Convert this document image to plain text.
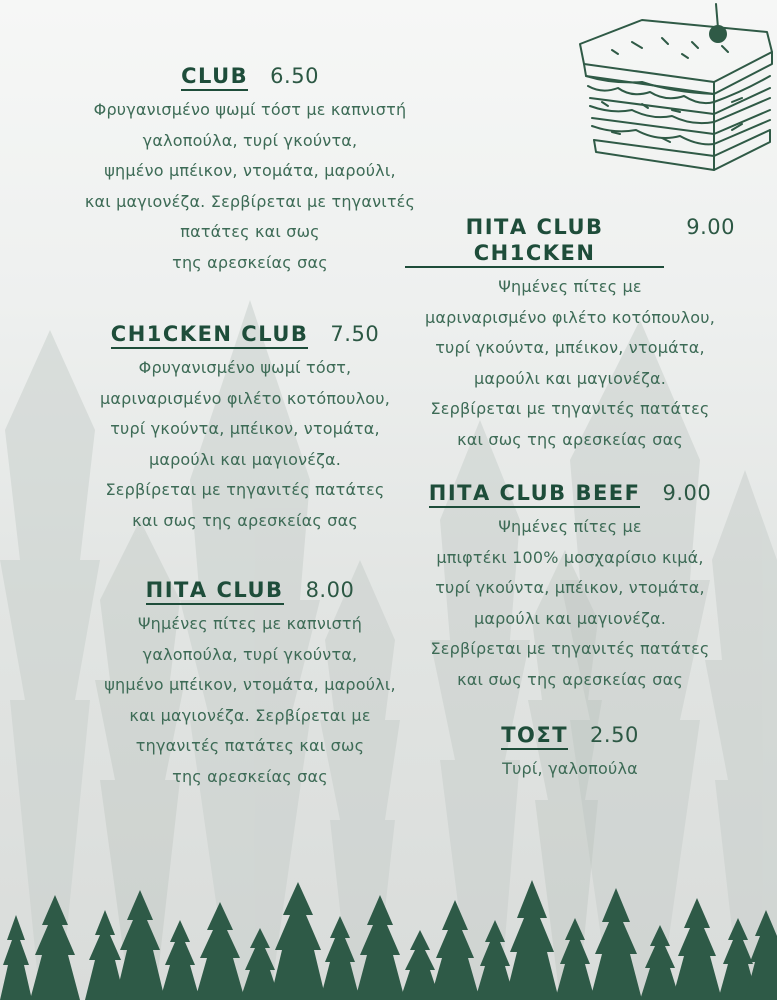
CLUB 6.50
Φρυγανισμένο ψωμί τόστ με καπνιστή
γαλοπούλα, τυρί γκούντα,
ψημένο μπέικον, ντομάτα, μαρούλι,
και μαγιονέζα. Σερβίρεται με τηγανιτές
πατάτες και σως
της αρεσκείας σας
CH1CKEN CLUB 7.50
Φρυγανισμένο ψωμί τόστ,
μαριναρισμένο φιλέτο κοτόπουλου,
τυρί γκούντα, μπέικον, ντομάτα,
μαρούλι και μαγιονέζα.
Σερβίρεται με τηγανιτές πατάτες
και σως της αρεσκείας σας
ΠΙΤΑ CLUB 8.00
Ψημένες πίτες με καπνιστή
γαλοπούλα, τυρί γκούντα,
ψημένο μπέικον, ντομάτα, μαρούλι,
και μαγιονέζα. Σερβίρεται με
τηγανιτές πατάτες και σως
της αρεσκείας σας
ΠΙΤΑ CLUB CH1CKEN
9.00
Ψημένες πίτες με
μαριναρισμένο φιλέτο κοτόπουλου,
τυρί γκούντα, μπέικον, ντομάτα,
μαρούλι και μαγιονέζα.
Σερβίρεται με τηγανιτές πατάτες
και σως της αρεσκείας σας
ΠΙΤΑ CLUB BEEF 9.00
Ψημένες πίτες με
μπιφτέκι 100% μοσχαρίσιο κιμά,
τυρί γκούντα, μπέικον, ντομάτα,
μαρούλι και μαγιονέζα.
Σερβίρεται με τηγανιτές πατάτες
και σως της αρεσκείας σας
ΤΟΣΤ 2.50
Τυρί, γαλοπούλα
